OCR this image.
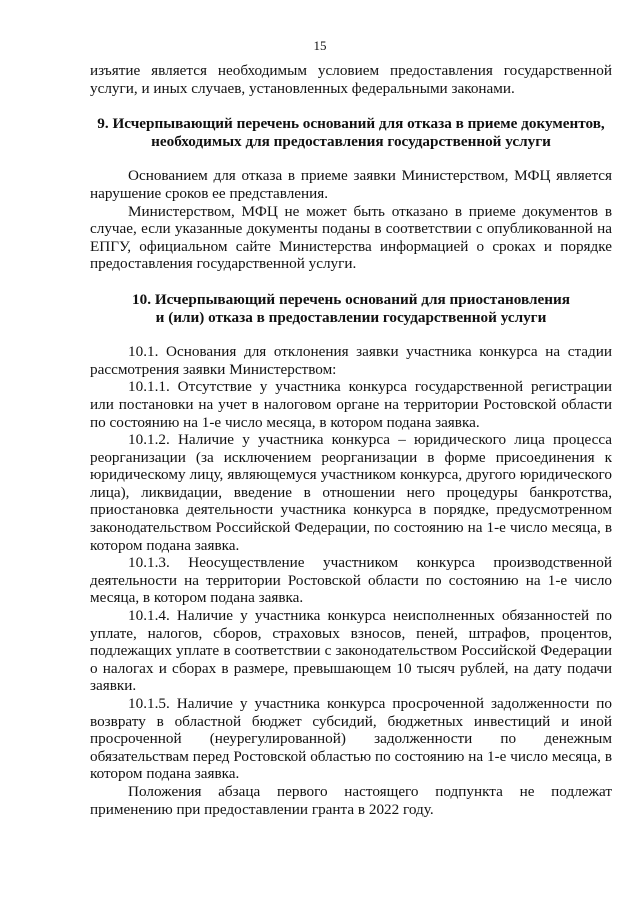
15

изъятие является необходимым условием предоставления государственной услуги, и иных случаев, установленных федеральными законами.

9. Исчерпывающий перечень оснований для отказа в приеме документов,
необходимых для предоставления государственной услуги

Основанием для отказа в приеме заявки Министерством, МФЦ является нарушение сроков ее представления.

Министерством, МФЦ не может быть отказано в приеме документов в случае, если указанные документы поданы в соответствии с опубликованной на ЕПГУ, официальном сайте Министерства информацией о сроках и порядке предоставления государственной услуги.

10. Исчерпывающий перечень оснований для приостановления
и (или) отказа в предоставлении государственной услуги

10.1. Основания для отклонения заявки участника конкурса на стадии рассмотрения заявки Министерством:

10.1.1. Отсутствие у участника конкурса государственной регистрации или постановки на учет в налоговом органе на территории Ростовской области по состоянию на 1-е число месяца, в котором подана заявка.

10.1.2. Наличие у участника конкурса – юридического лица процесса реорганизации (за исключением реорганизации в форме присоединения к юридическому лицу, являющемуся участником конкурса, другого юридического лица), ликвидации, введение в отношении него процедуры банкротства, приостановка деятельности участника конкурса в порядке, предусмотренном законодательством Российской Федерации, по состоянию на 1-е число месяца, в котором подана заявка.

10.1.3. Неосуществление участником конкурса производственной деятельности на территории Ростовской области по состоянию на 1-е число месяца, в котором подана заявка.

10.1.4. Наличие у участника конкурса неисполненных обязанностей по уплате, налогов, сборов, страховых взносов, пеней, штрафов, процентов, подлежащих уплате в соответствии с законодательством Российской Федерации о налогах и сборах в размере, превышающем 10 тысяч рублей, на дату подачи заявки.

10.1.5. Наличие у участника конкурса просроченной задолженности по возврату в областной бюджет субсидий, бюджетных инвестиций и иной просроченной (неурегулированной) задолженности по денежным обязательствам перед Ростовской областью по состоянию на 1-е число месяца, в котором подана заявка.

Положения абзаца первого настоящего подпункта не подлежат применению при предоставлении гранта в 2022 году.
